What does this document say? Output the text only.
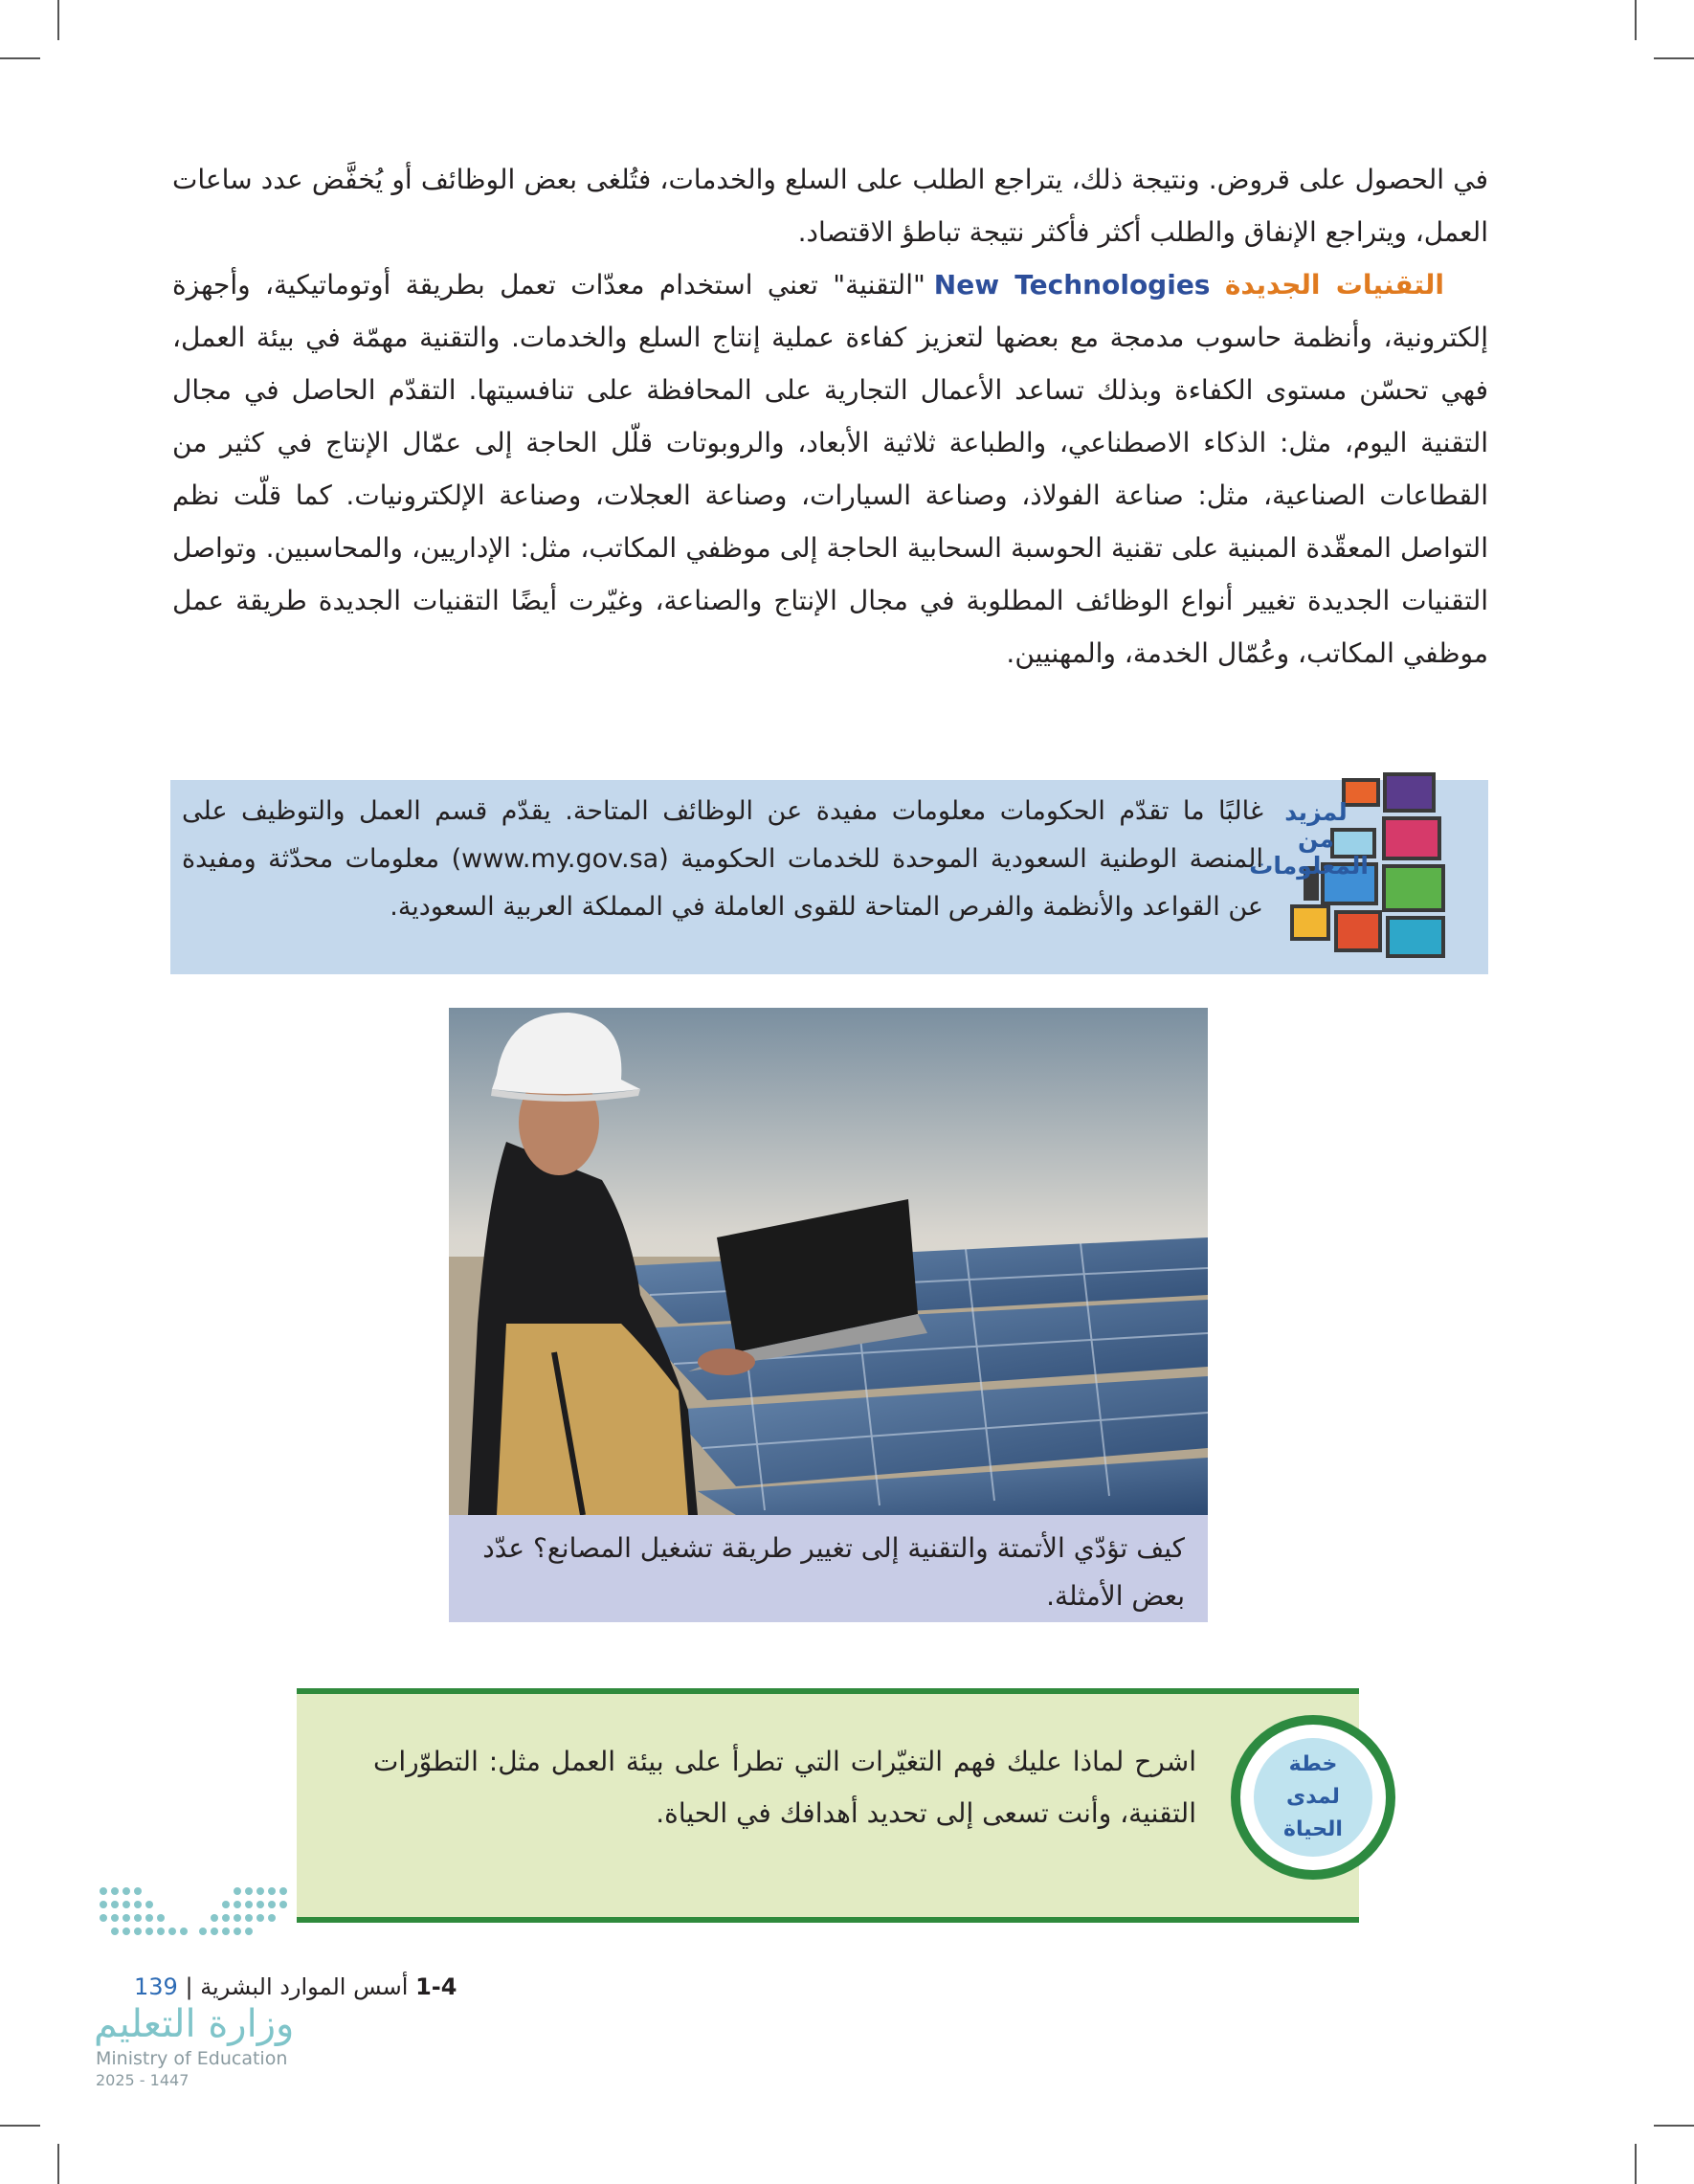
في الحصول على قروض. ونتيجة ذلك، يتراجع الطلب على السلع والخدمات، فتُلغى بعض الوظائف أو يُخفَّض عدد ساعات العمل، ويتراجع الإنفاق والطلب أكثر فأكثر نتيجة تباطؤ الاقتصاد.

التقنيات الجديدة New Technologies "التقنية" تعني استخدام معدّات تعمل بطريقة أوتوماتيكية، وأجهزة إلكترونية، وأنظمة حاسوب مدمجة مع بعضها لتعزيز كفاءة عملية إنتاج السلع والخدمات. والتقنية مهمّة في بيئة العمل، فهي تحسّن مستوى الكفاءة وبذلك تساعد الأعمال التجارية على المحافظة على تنافسيتها. التقدّم الحاصل في مجال التقنية اليوم، مثل: الذكاء الاصطناعي، والطباعة ثلاثية الأبعاد، والروبوتات قلّل الحاجة إلى عمّال الإنتاج في كثير من القطاعات الصناعية، مثل: صناعة الفولاذ، وصناعة السيارات، وصناعة العجلات، وصناعة الإلكترونيات. كما قلّت نظم التواصل المعقّدة المبنية على تقنية الحوسبة السحابية الحاجة إلى موظفي المكاتب، مثل: الإداريين، والمحاسبين. وتواصل التقنيات الجديدة تغيير أنواع الوظائف المطلوبة في مجال الإنتاج والصناعة، وغيّرت أيضًا التقنيات الجديدة طريقة عمل موظفي المكاتب، وعُمّال الخدمة، والمهنيين.

لمزيد من
المعلومات
غالبًا ما تقدّم الحكومات معلومات مفيدة عن الوظائف المتاحة. يقدّم قسم العمل والتوظيف على المنصة الوطنية السعودية الموحدة للخدمات الحكومية (www.my.gov.sa) معلومات محدّثة ومفيدة عن القواعد والأنظمة والفرص المتاحة للقوى العاملة في المملكة العربية السعودية.
كيف تؤدّي الأتمتة والتقنية إلى تغيير طريقة تشغيل المصانع؟ عدّد بعض الأمثلة.
خطة لمدى
الحياة
اشرح لماذا عليك فهم التغيّرات التي تطرأ على بيئة العمل مثل: التطوّرات التقنية، وأنت تسعى إلى تحديد أهدافك في الحياة.
1-4 أسس الموارد البشرية | 139
وزارة التعليم
Ministry of Education
2025 - 1447
